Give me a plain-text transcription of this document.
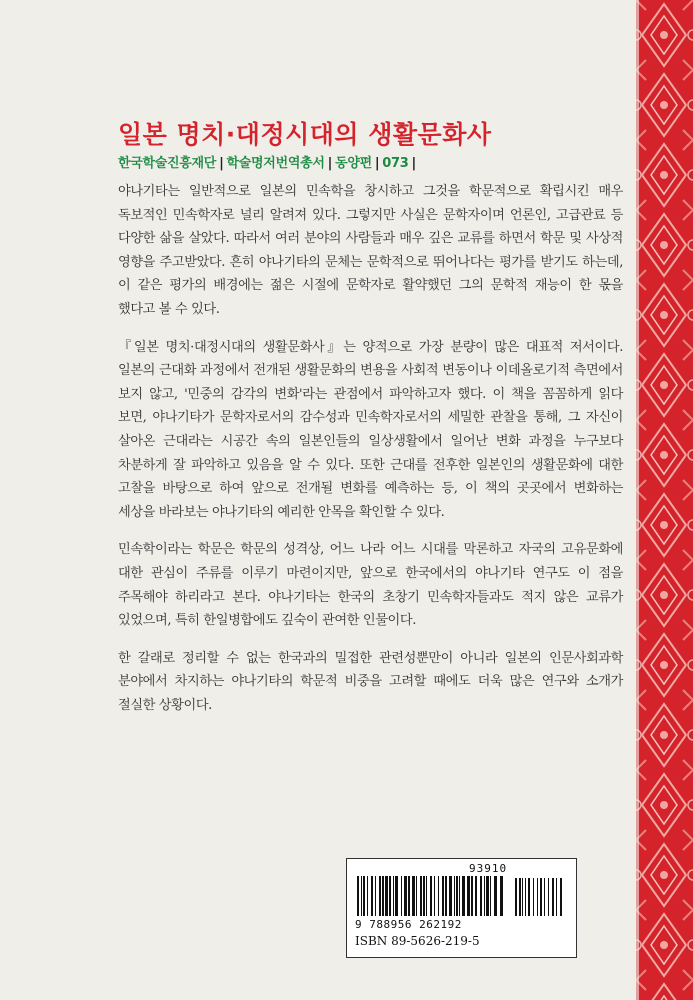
일본 명치·대정시대의 생활문화사
한국학술진흥재단 | 학술명저번역총서 | 동양편 | 073 |

야나기타는 일반적으로 일본의 민속학을 창시하고 그것을 학문적으로 확립시킨 매우 독보적인 민속학자로 널리 알려져 있다. 그렇지만 사실은 문학자이며 언론인, 고급관료 등 다양한 삶을 살았다. 따라서 여러 분야의 사람들과 매우 깊은 교류를 하면서 학문 및 사상적 영향을 주고받았다. 흔히 야나기타의 문체는 문학적으로 뛰어나다는 평가를 받기도 하는데, 이 같은 평가의 배경에는 젊은 시절에 문학자로 활약했던 그의 문학적 재능이 한 몫을 했다고 볼 수 있다.

『일본 명치·대정시대의 생활문화사』는 양적으로 가장 분량이 많은 대표적 저서이다. 일본의 근대화 과정에서 전개된 생활문화의 변용을 사회적 변동이나 이데올로기적 측면에서 보지 않고, '민중의 감각의 변화'라는 관점에서 파악하고자 했다. 이 책을 꼼꼼하게 읽다 보면, 야나기타가 문학자로서의 감수성과 민속학자로서의 세밀한 관찰을 통해, 그 자신이 살아온 근대라는 시공간 속의 일본인들의 일상생활에서 일어난 변화 과정을 누구보다 차분하게 잘 파악하고 있음을 알 수 있다. 또한 근대를 전후한 일본인의 생활문화에 대한 고찰을 바탕으로 하여 앞으로 전개될 변화를 예측하는 등, 이 책의 곳곳에서 변화하는 세상을 바라보는 야나기타의 예리한 안목을 확인할 수 있다.

민속학이라는 학문은 학문의 성격상, 어느 나라 어느 시대를 막론하고 자국의 고유문화에 대한 관심이 주류를 이루기 마련이지만, 앞으로 한국에서의 야나기타 연구도 이 점을 주목해야 하리라고 본다. 야나기타는 한국의 초창기 민속학자들과도 적지 않은 교류가 있었으며, 특히 한일병합에도 깊숙이 관여한 인물이다.

한 갈래로 정리할 수 없는 한국과의 밀접한 관련성뿐만이 아니라 일본의 인문사회과학 분야에서 차지하는 야나기타의 학문적 비중을 고려할 때에도 더욱 많은 연구와 소개가 절실한 상황이다.

93910
9 788956 262192
ISBN 89-5626-219-5
